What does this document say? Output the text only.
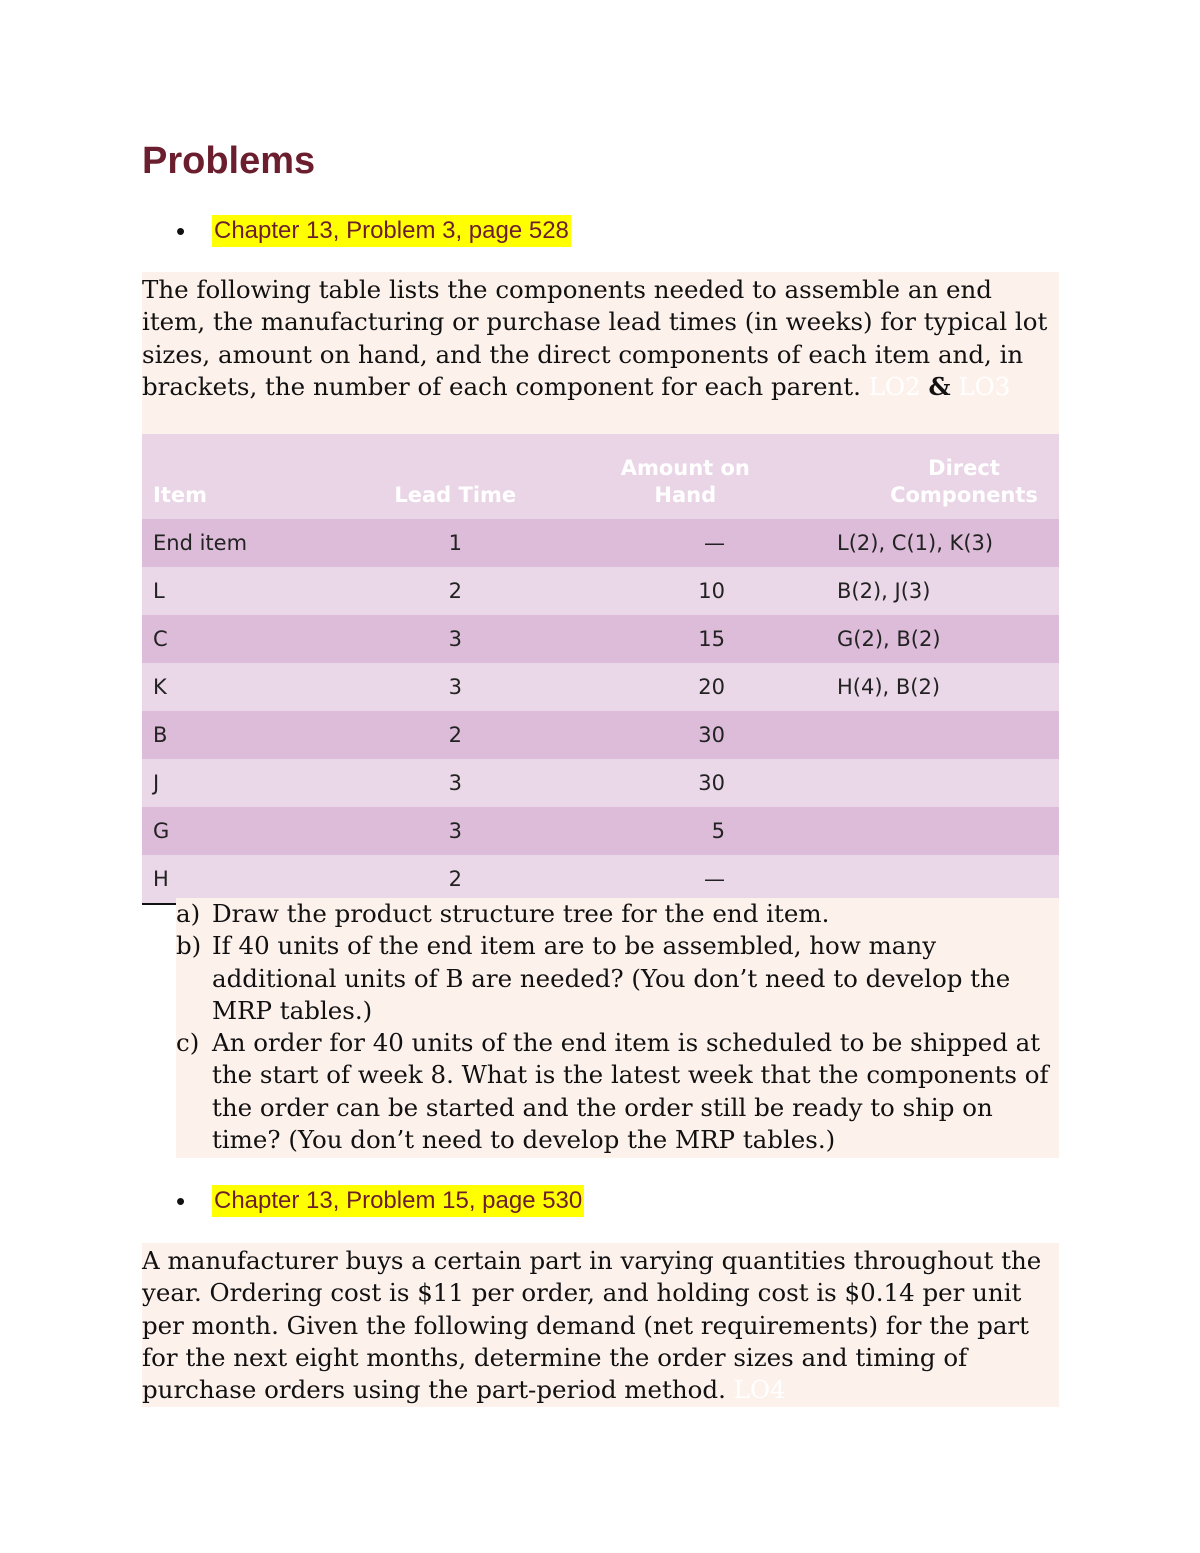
Problems
•
Chapter 13, Problem 3, page 528

The following table lists the components needed to assemble an end item, the manufacturing or purchase lead times (in weeks) for typical lot sizes, amount on hand, and the direct components of each item and, in brackets, the number of each component for each parent. LO2 & LO3

Item	Lead Time	Amount on Hand	Direct Components

End item	1	—	L(2), C(1), K(3)
L	2	10	B(2), J(3)
C	3	15	G(2), B(2)
K	3	20	H(4), B(2)
B	2	30	
J	3	30	
G	3	5	
H	2	—	
a) Draw the product structure tree for the end item.
b) If 40 units of the end item are to be assembled, how many additional units of B are needed? (You don’t need to develop the MRP tables.)
c) An order for 40 units of the end item is scheduled to be shipped at the start of week 8. What is the latest week that the components of the order can be started and the order still be ready to ship on time? (You don’t need to develop the MRP tables.)
•
Chapter 13, Problem 15, page 530

A manufacturer buys a certain part in varying quantities throughout the year. Ordering cost is $11 per order, and holding cost is $0.14 per unit per month. Given the following demand (net requirements) for the part for the next eight months, determine the order sizes and timing of purchase orders using the part-period method. LO4
